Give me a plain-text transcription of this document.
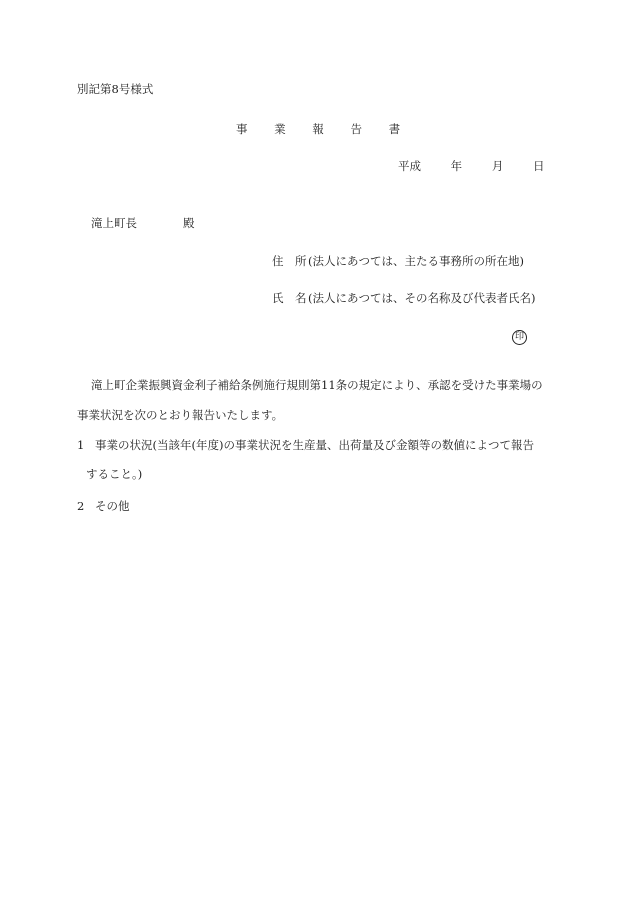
別記第8号様式
事 業 報 告 書
平成	年	月	日
滝上町長	殿
住　所 (法人にあつては、主たる事務所の所在地)
氏　名 (法人にあつては、その名称及び代表者氏名)
印
滝上町企業振興資金利子補給条例施行規則第11条の規定により、承認を受けた事業場の
事業状況を次のとおり報告いたします。
1 事業の状況(当該年(年度)の事業状況を生産量、出荷量及び金額等の数値によつて報告
すること。)
2 その他
